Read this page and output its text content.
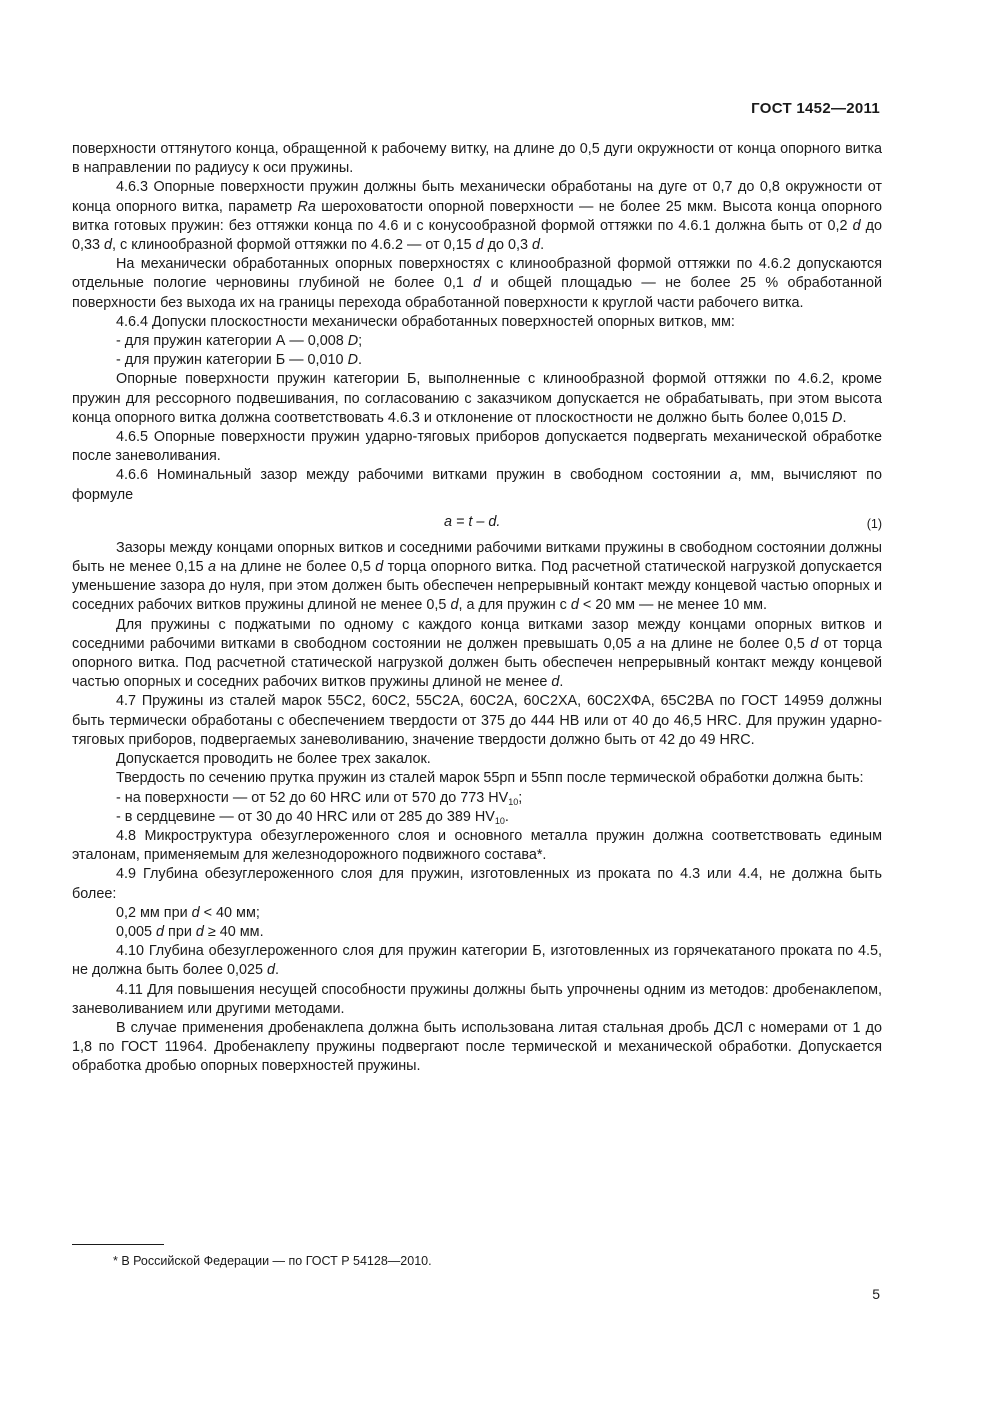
ГОСТ 1452—2011

поверхности оттянутого конца, обращенной к рабочему витку, на длине до 0,5 дуги окружности от конца опорного витка в направлении по радиусу к оси пружины.

4.6.3 Опорные поверхности пружин должны быть механически обработаны на дуге от 0,7 до 0,8 окружности от конца опорного витка, параметр Ra шероховатости опорной поверхности — не более 25 мкм. Высота конца опорного витка готовых пружин: без оттяжки конца по 4.6 и с конусообразной формой оттяжки по 4.6.1 должна быть от 0,2 d до 0,33 d, с клинообразной формой оттяжки по 4.6.2 — от 0,15 d до 0,3 d.

На механически обработанных опорных поверхностях с клинообразной формой оттяжки по 4.6.2 допускаются отдельные пологие черновины глубиной не более 0,1 d и общей площадью — не более 25 % обработанной поверхности без выхода их на границы перехода обработанной поверхности к круглой части рабочего витка.

4.6.4 Допуски плоскостности механически обработанных поверхностей опорных витков, мм:

- для пружин категории А — 0,008 D;

- для пружин категории Б — 0,010 D.

Опорные поверхности пружин категории Б, выполненные с клинообразной формой оттяжки по 4.6.2, кроме пружин для рессорного подвешивания, по согласованию с заказчиком допускается не обрабатывать, при этом высота конца опорного витка должна соответствовать 4.6.3 и отклонение от плоскостности не должно быть более 0,015 D.

4.6.5 Опорные поверхности пружин ударно-тяговых приборов допускается подвергать механической обработке после заневоливания.

4.6.6 Номинальный зазор между рабочими витками пружин в свободном состоянии a, мм, вычисляют по формуле

a = t – d.	(1)

Зазоры между концами опорных витков и соседними рабочими витками пружины в свободном состоянии должны быть не менее 0,15 a на длине не более 0,5 d торца опорного витка. Под расчетной статической нагрузкой допускается уменьшение зазора до нуля, при этом должен быть обеспечен непрерывный контакт между концевой частью опорных и соседних рабочих витков пружины длиной не менее 0,5 d, а для пружин с d < 20 мм — не менее 10 мм.

Для пружины с поджатыми по одному с каждого конца витками зазор между концами опорных витков и соседними рабочими витками в свободном состоянии не должен превышать 0,05 a на длине не более 0,5 d от торца опорного витка. Под расчетной статической нагрузкой должен быть обеспечен непрерывный контакт между концевой частью опорных и соседних рабочих витков пружины длиной не менее d.

4.7 Пружины из сталей марок 55С2, 60С2, 55С2А, 60С2А, 60С2ХА, 60С2ХФА, 65С2ВА по ГОСТ 14959 должны быть термически обработаны с обеспечением твердости от 375 до 444 НВ или от 40 до 46,5 HRC. Для пружин ударно-тяговых приборов, подвергаемых заневоливанию, значение твердости должно быть от 42 до 49 HRC.

Допускается проводить не более трех закалок.

Твердость по сечению прутка пружин из сталей марок 55рп и 55пп после термической обработки должна быть:

- на поверхности — от 52 до 60 HRC или от 570 до 773 $HV_{10}$;

- в сердцевине — от 30 до 40 HRC или от 285 до 389 $HV_{10}$.

4.8 Микроструктура обезуглероженного слоя и основного металла пружин должна соответствовать единым эталонам, применяемым для железнодорожного подвижного состава*.

4.9 Глубина обезуглероженного слоя для пружин, изготовленных из проката по 4.3 или 4.4, не должна быть более:

0,2 мм при d < 40 мм;

0,005 d при d ≥ 40 мм.

4.10 Глубина обезуглероженного слоя для пружин категории Б, изготовленных из горячекатаного проката по 4.5, не должна быть более 0,025 d.

4.11 Для повышения несущей способности пружины должны быть упрочнены одним из методов: дробенаклепом, заневоливанием или другими методами.

В случае применения дробенаклепа должна быть использована литая стальная дробь ДСЛ с номерами от 1 до 1,8 по ГОСТ 11964. Дробенаклепу пружины подвергают после термической и механической обработки. Допускается обработка дробью опорных поверхностей пружины.

* В Российской Федерации — по ГОСТ Р 54128—2010.
5
